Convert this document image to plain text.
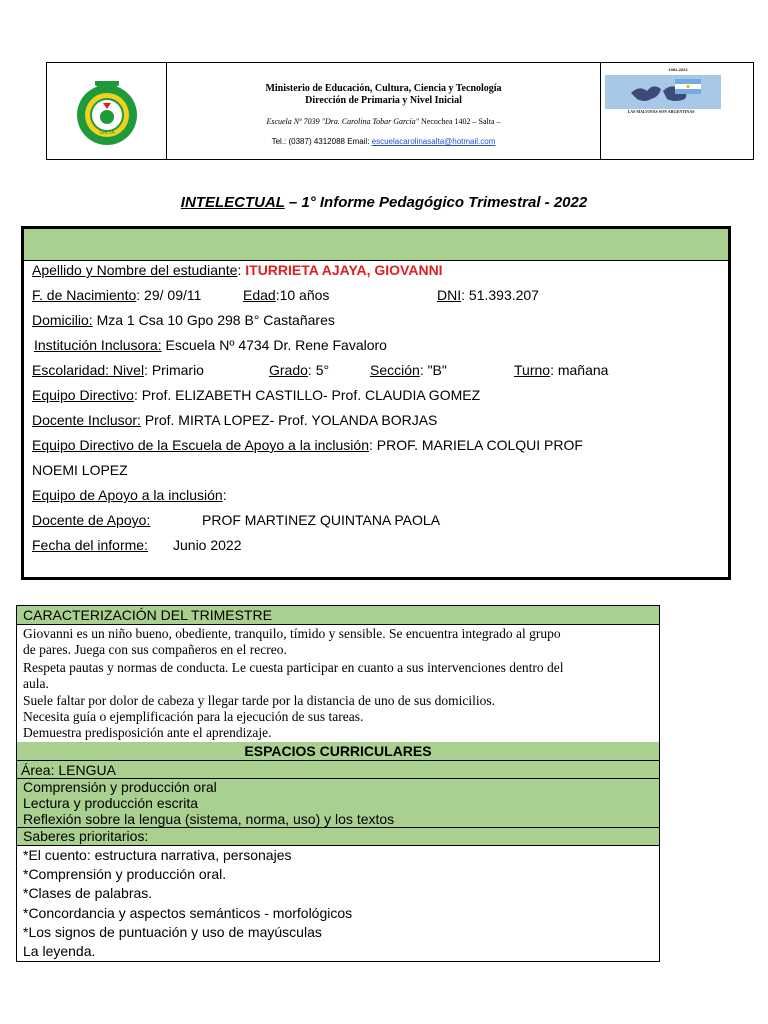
SALTA
Ministerio de Educación, Cultura, Ciencia y Tecnología
Dirección de Primaria y Nivel Inicial
Escuela Nº 7039 "Dra. Carolina Tobar García" Necochea 1402 – Salta –
Tel.: (0387) 4312088 Email: escuelacarolinasalta@hotmail.com
1982-2022
LAS MALVINAS SON ARGENTINAS
INTELECTUAL – 1° Informe Pedagógico Trimestral - 2022
Apellido y Nombre del estudiante: ITURRIETA AJAYA, GIOVANNI
F. de Nacimiento: 29/ 09/11	Edad:10 años	DNI: 51.393.207
Domicilio: Mza 1 Csa 10 Gpo 298 B° Castañares
Institución Inclusora: Escuela Nº 4734 Dr. Rene Favaloro
Escolaridad: Nivel: Primario	Grado: 5°	Sección: "B"	Turno: mañana
Equipo Directivo: Prof. ELIZABETH CASTILLO- Prof. CLAUDIA GOMEZ
Docente Inclusor: Prof. MIRTA LOPEZ- Prof. YOLANDA BORJAS
Equipo Directivo de la Escuela de Apoyo a la inclusión: PROF. MARIELA COLQUI PROF
NOEMI LOPEZ
Equipo de Apoyo a la inclusión:
Docente de Apoyo:	PROF MARTINEZ QUINTANA PAOLA
Fecha del informe: Junio 2022
CARACTERIZACIÓN DEL TRIMESTRE
Giovanni es un niño bueno, obediente, tranquilo, tímido y sensible. Se encuentra integrado al grupo
de pares. Juega con sus compañeros en el recreo.
Respeta pautas y normas de conducta. Le cuesta participar en cuanto a sus intervenciones dentro del
aula.
Suele faltar por dolor de cabeza y llegar tarde por la distancia de uno de sus domicilios.
Necesita guía o ejemplificación para la ejecución de sus tareas.
Demuestra predisposición ante el aprendizaje.
ESPACIOS CURRICULARES
Área: LENGUA
Comprensión y producción oral
Lectura y producción escrita
Reflexión sobre la lengua (sistema, norma, uso) y los textos
Saberes prioritarios:
*El cuento: estructura narrativa, personajes
*Comprensión y producción oral.
*Clases de palabras.
*Concordancia y aspectos semánticos - morfológicos
*Los signos de puntuación y uso de mayúsculas
La leyenda.
